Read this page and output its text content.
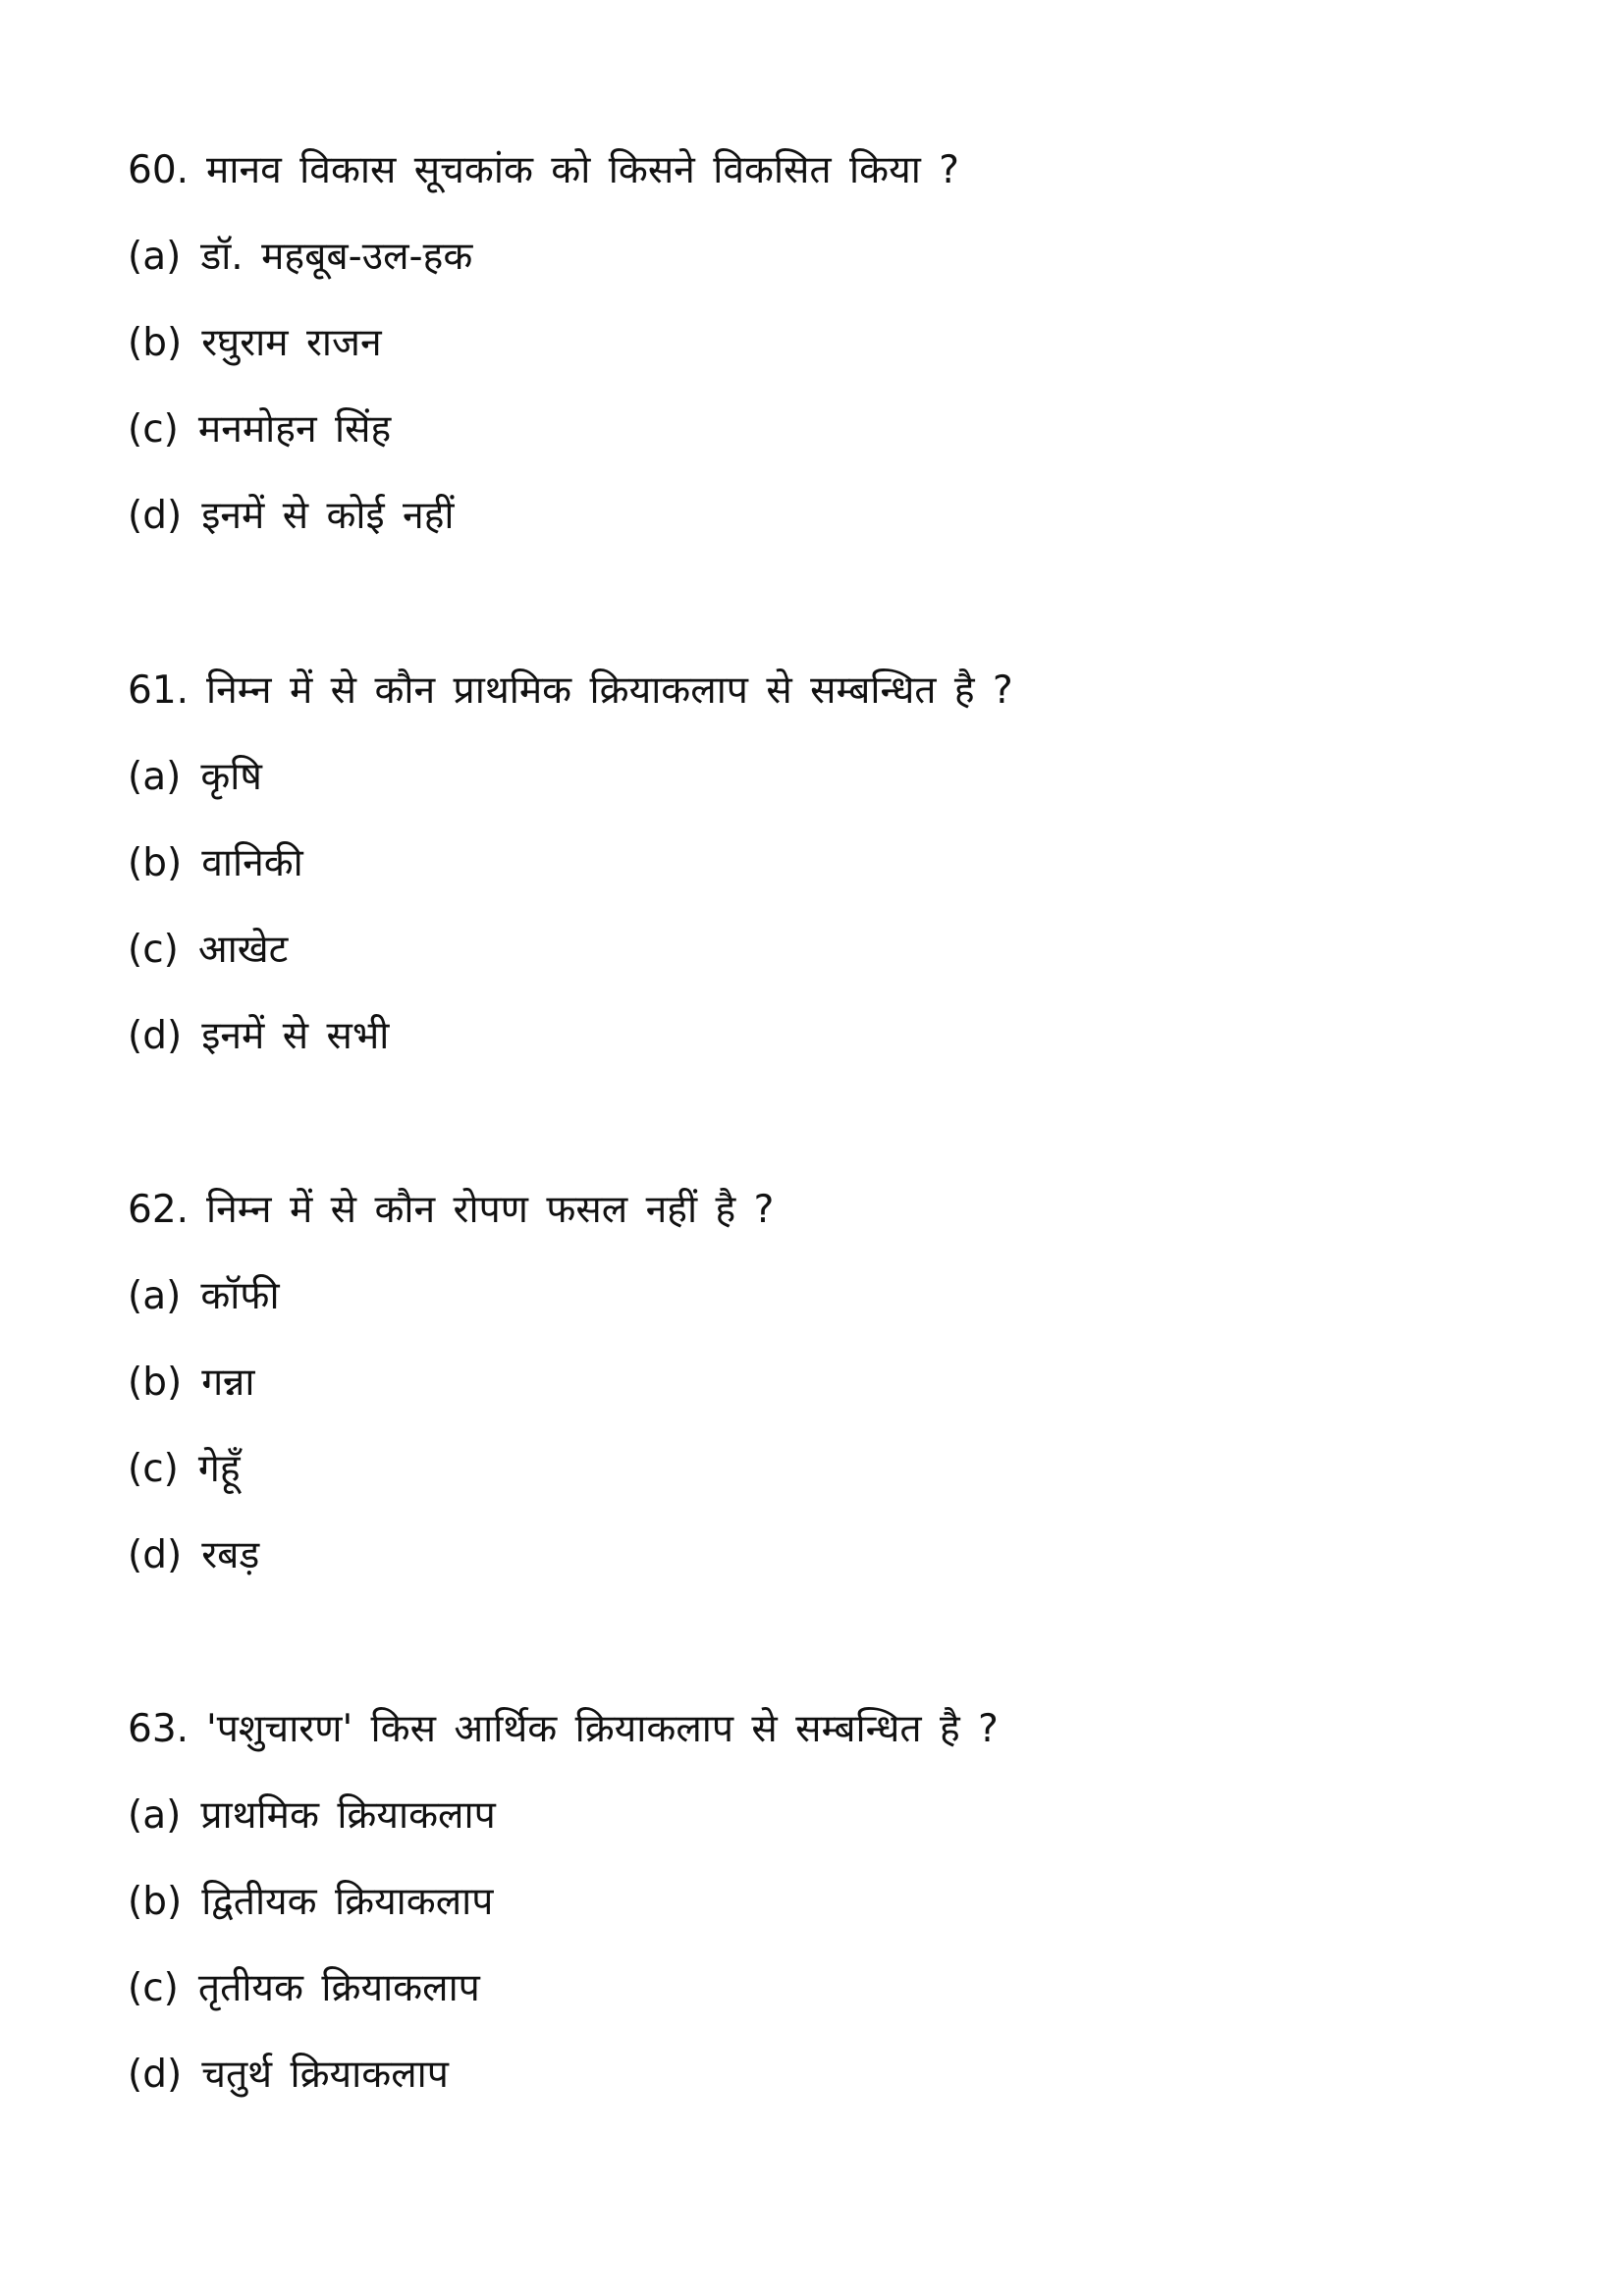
60. मानव विकास सूचकांक को किसने विकसित किया ?
(a) डॉ. महबूब-उल-हक
(b) रघुराम राजन
(c) मनमोहन सिंह
(d) इनमें से कोई नहीं
61. निम्न में से कौन प्राथमिक क्रियाकलाप से सम्बन्धित है ?
(a) कृषि
(b) वानिकी
(c) आखेट
(d) इनमें से सभी
62. निम्न में से कौन रोपण फसल नहीं है ?
(a) कॉफी
(b) गन्ना
(c) गेहूँ
(d) रबड़
63. 'पशुचारण' किस आर्थिक क्रियाकलाप से सम्बन्धित है ?
(a) प्राथमिक क्रियाकलाप
(b) द्वितीयक क्रियाकलाप
(c) तृतीयक क्रियाकलाप
(d) चतुर्थ क्रियाकलाप
